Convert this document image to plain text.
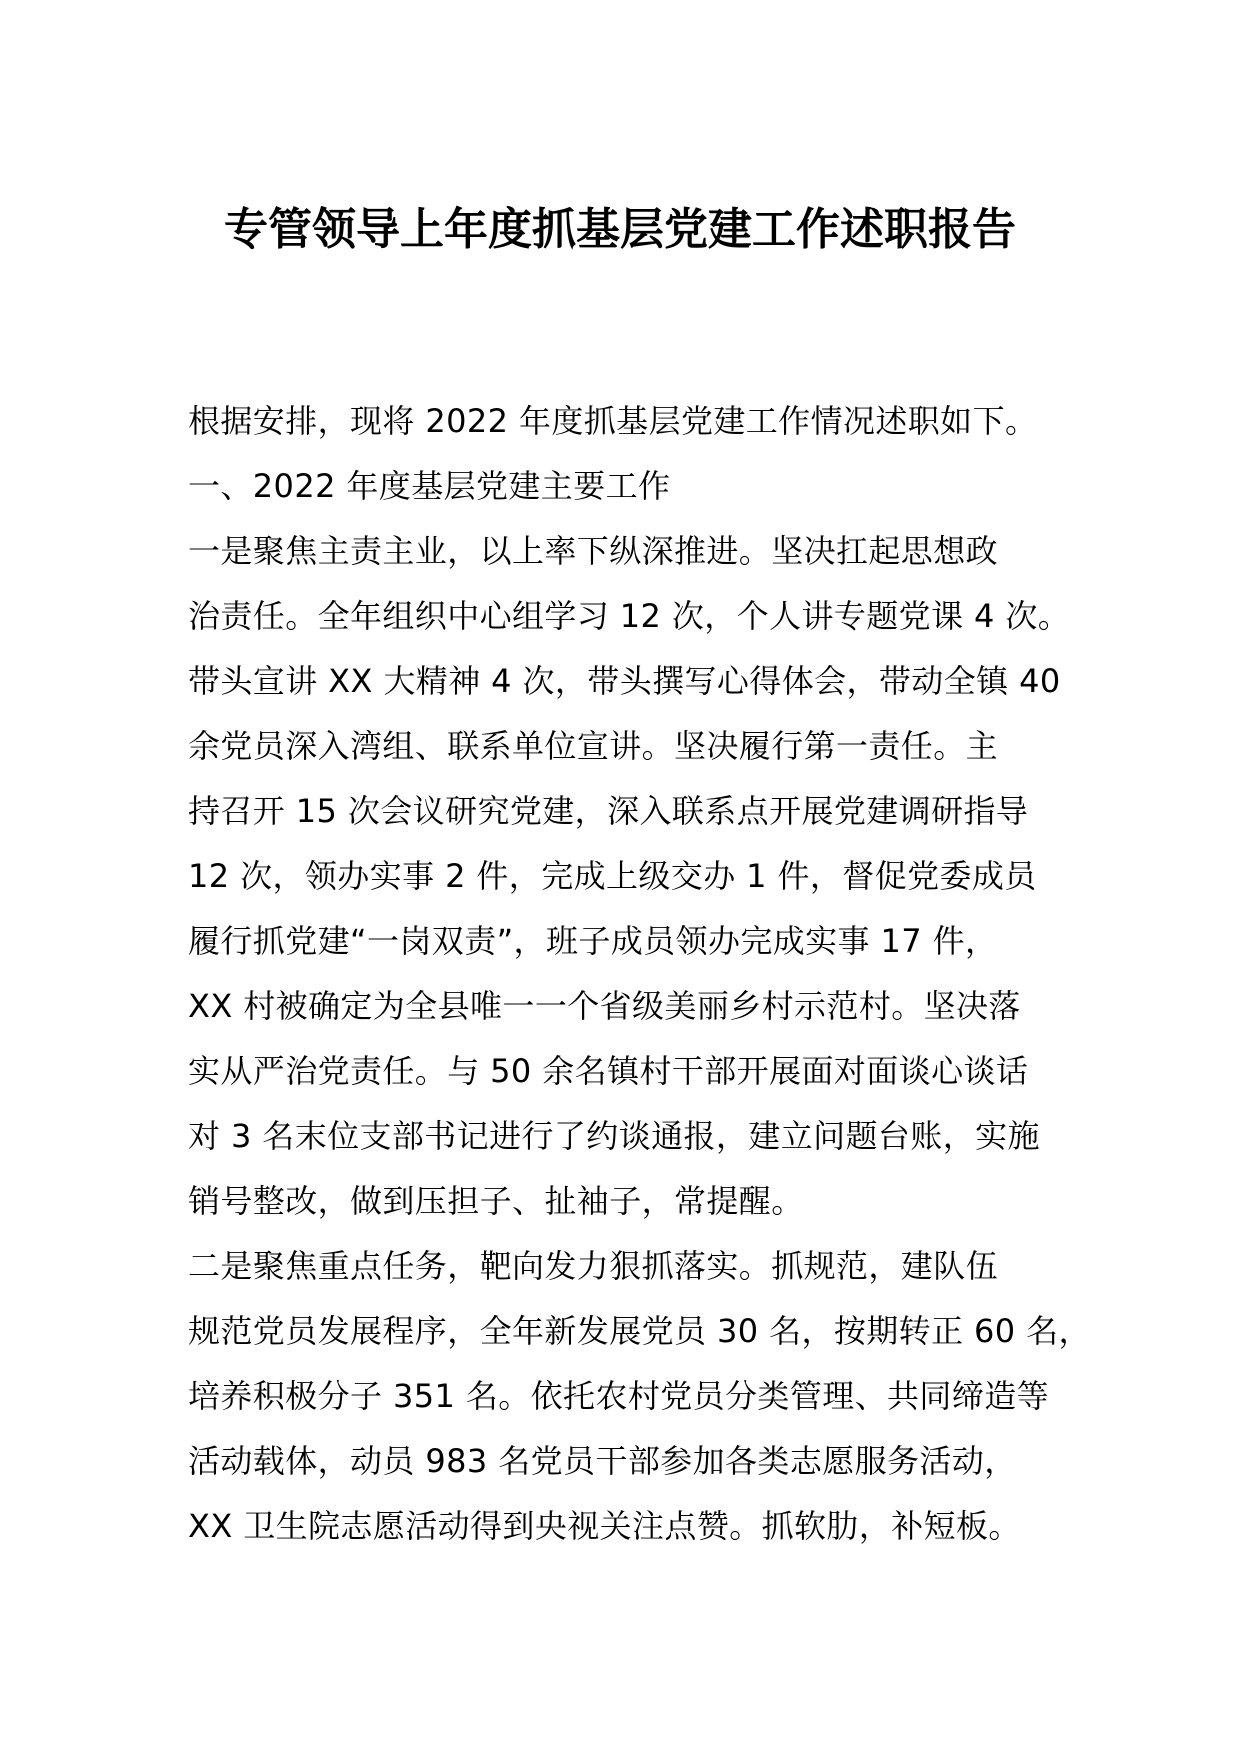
专管领导上年度抓基层党建工作述职报告
根据安排，现将 2022 年度抓基层党建工作情况述职如下。
一、2022 年度基层党建主要工作
一是聚焦主责主业，以上率下纵深推进。坚决扛起思想政
治责任。全年组织中心组学习 12 次，个人讲专题党课 4 次。
带头宣讲 XX 大精神 4 次，带头撰写心得体会，带动全镇 40
余党员深入湾组、联系单位宣讲。坚决履行第一责任。主
持召开 15 次会议研究党建，深入联系点开展党建调研指导
12 次，领办实事 2 件，完成上级交办 1 件，督促党委成员
履行抓党建“一岗双责”，班子成员领办完成实事 17 件，
XX 村被确定为全县唯一一个省级美丽乡村示范村。坚决落
实从严治党责任。与 50 余名镇村干部开展面对面谈心谈话
对 3 名末位支部书记进行了约谈通报，建立问题台账，实施
销号整改，做到压担子、扯袖子，常提醒。
二是聚焦重点任务，靶向发力狠抓落实。抓规范，建队伍
规范党员发展程序，全年新发展党员 30 名，按期转正 60 名，
培养积极分子 351 名。依托农村党员分类管理、共同缔造等
活动载体，动员 983 名党员干部参加各类志愿服务活动，
XX 卫生院志愿活动得到央视关注点赞。抓软肋，补短板。
